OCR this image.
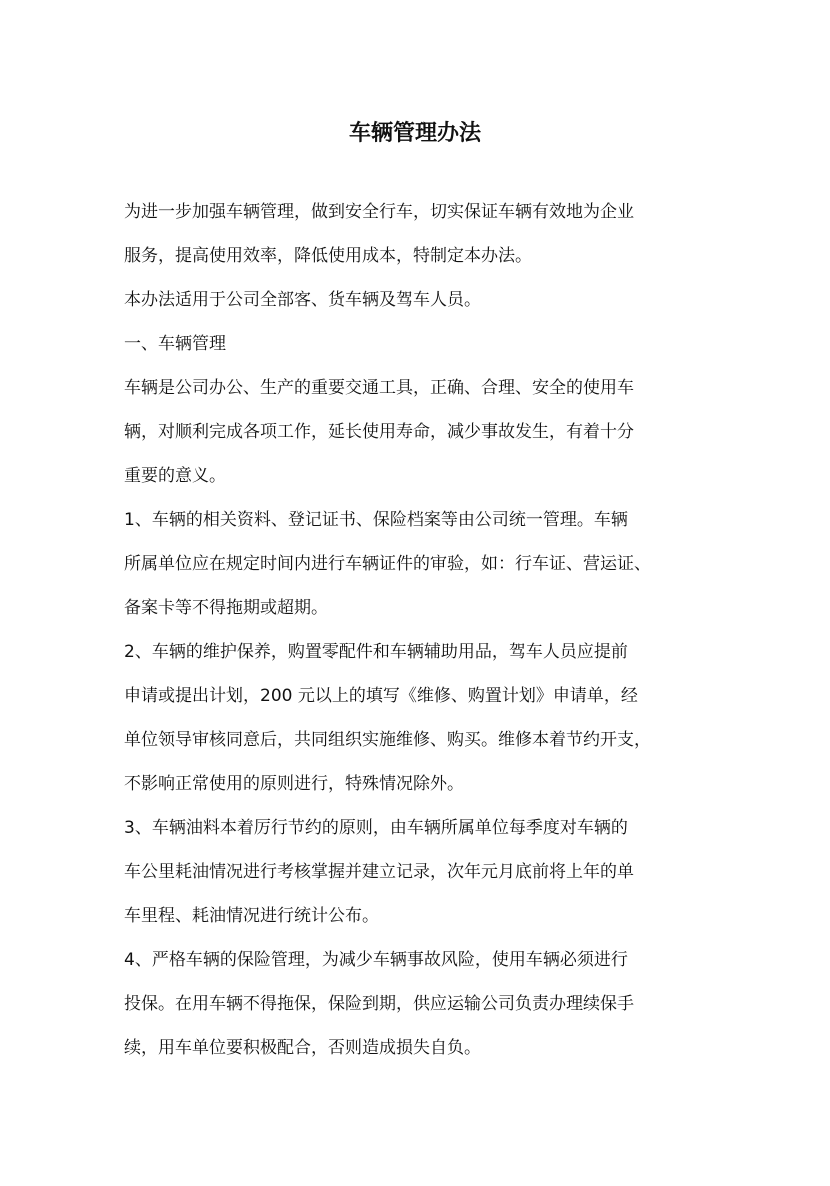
​
​
车辆管理办法
为进一步加强车辆管理，做到安全行车，切实保证车辆有效地为企业
服务，提高使用效率，降低使用成本，特制定本办法。
本办法适用于公司全部客、货车辆及驾车人员。
一、车辆管理
车辆是公司办公、生产的重要交通工具，正确、合理、安全的使用车
辆，对顺利完成各项工作，延长使用寿命，减少事故发生，有着十分
重要的意义。
1、车辆的相关资料、登记证书、保险档案等由公司统一管理。车辆
所属单位应在规定时间内进行车辆证件的审验，如：行车证、营运证、
备案卡等不得拖期或超期。
2、车辆的维护保养，购置零配件和车辆辅助用品，驾车人员应提前
申请或提出计划，200 元以上的填写《维修、购置计划》申请单，经
单位领导审核同意后，共同组织实施维修、购买。维修本着节约开支，
不影响正常使用的原则进行，特殊情况除外。
3、车辆油料本着厉行节约的原则，由车辆所属单位每季度对车辆的
车公里耗油情况进行考核掌握并建立记录，次年元月底前将上年的单
车里程、耗油情况进行统计公布。
4、严格车辆的保险管理，为减少车辆事故风险，使用车辆必须进行
投保。在用车辆不得拖保，保险到期，供应运输公司负责办理续保手
续，用车单位要积极配合，否则造成损失自负。
